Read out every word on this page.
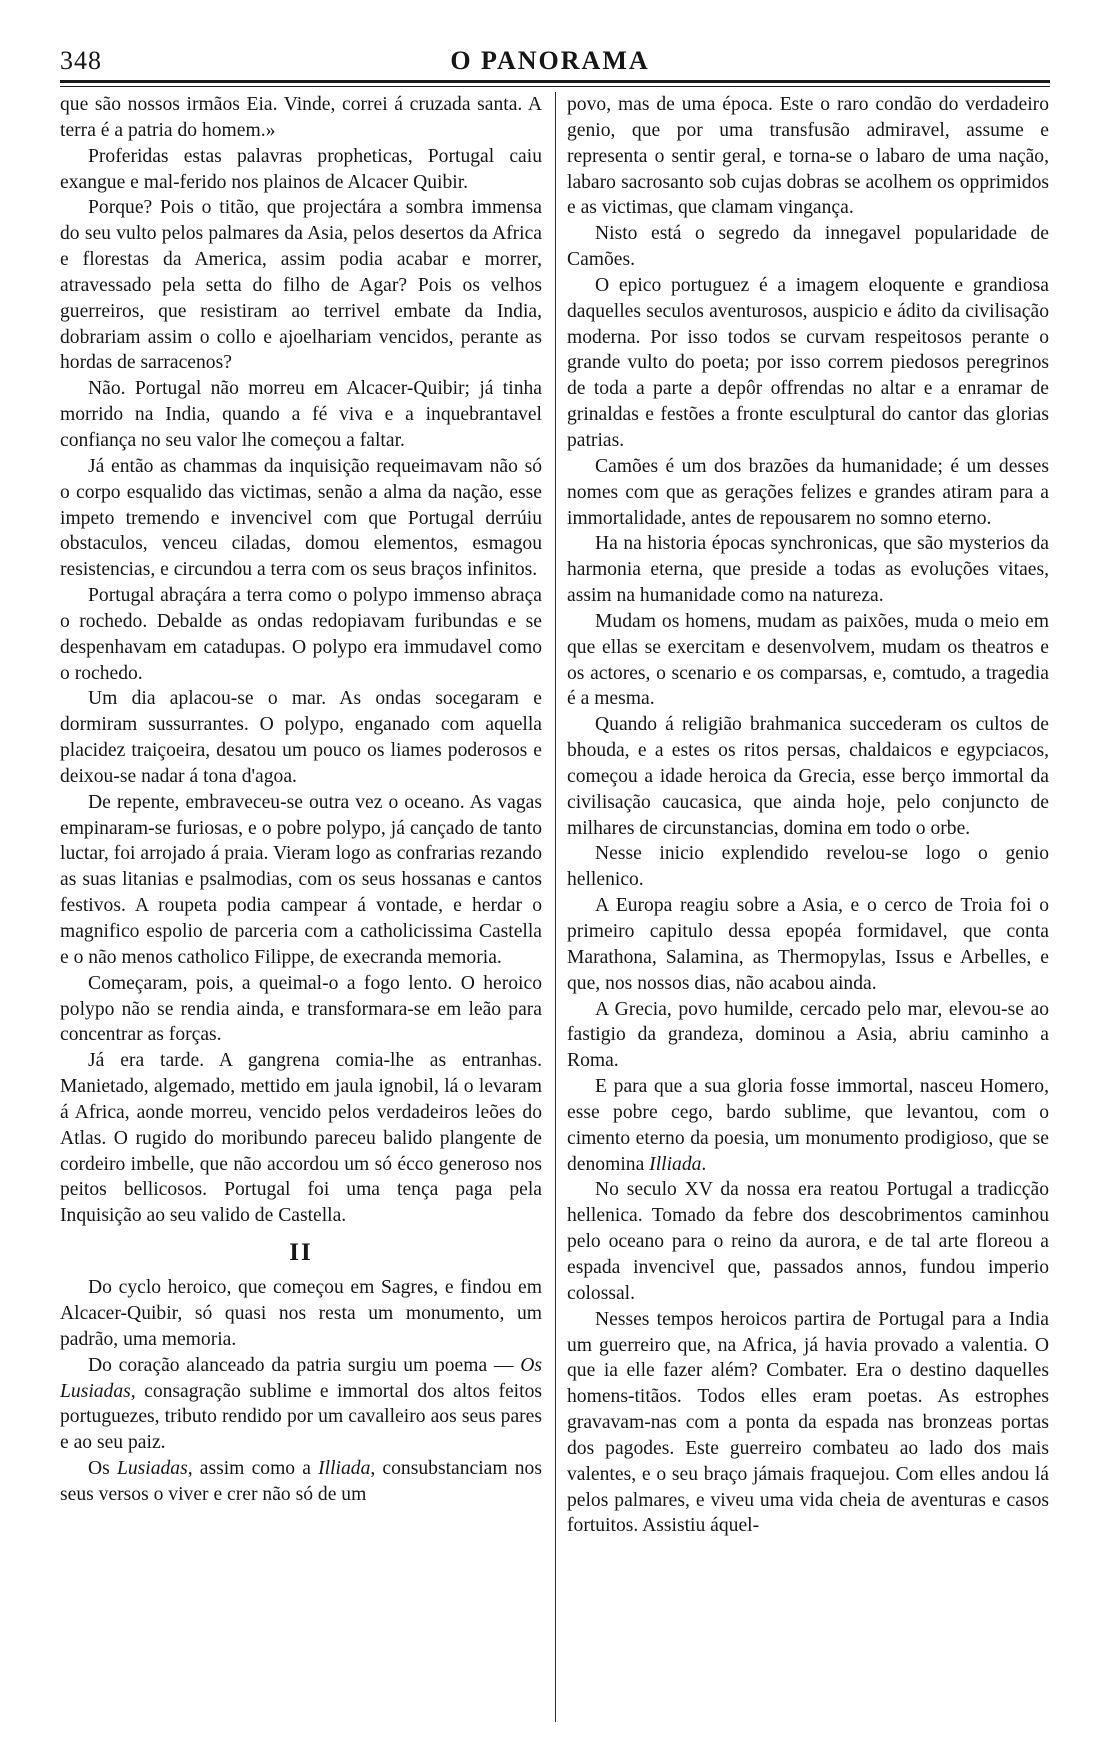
348	O PANORAMA

que são nossos irmãos Eia. Vinde, correi á cruzada santa. A terra é a patria do homem.»

Proferidas estas palavras propheticas, Portugal caiu exangue e mal-ferido nos plainos de Alcacer Quibir.

Porque? Pois o titão, que projectára a sombra immensa do seu vulto pelos palmares da Asia, pelos desertos da Africa e florestas da America, assim podia acabar e morrer, atravessado pela setta do filho de Agar? Pois os velhos guerreiros, que resistiram ao terrivel embate da India, dobrariam assim o collo e ajoelhariam vencidos, perante as hordas de sarracenos?

Não. Portugal não morreu em Alcacer-Quibir; já tinha morrido na India, quando a fé viva e a inquebrantavel confiança no seu valor lhe começou a faltar.

Já então as chammas da inquisição requeimavam não só o corpo esqualido das victimas, senão a alma da nação, esse impeto tremendo e invencivel com que Portugal derrúiu obstaculos, venceu ciladas, domou elementos, esmagou resistencias, e circundou a terra com os seus braços infinitos.

Portugal abraçára a terra como o polypo immenso abraça o rochedo. Debalde as ondas redopiavam furibundas e se despenhavam em catadupas. O polypo era immudavel como o rochedo.

Um dia aplacou-se o mar. As ondas socegaram e dormiram sussurrantes. O polypo, enganado com aquella placidez traiçoeira, desatou um pouco os liames poderosos e deixou-se nadar á tona d'agoa.

De repente, embraveceu-se outra vez o oceano. As vagas empinaram-se furiosas, e o pobre polypo, já cançado de tanto luctar, foi arrojado á praia. Vieram logo as confrarias rezando as suas litanias e psalmodias, com os seus hossanas e cantos festivos. A roupeta podia campear á vontade, e herdar o magnifico espolio de parceria com a catholicissima Castella e o não menos catholico Filippe, de execranda memoria.

Começaram, pois, a queimal-o a fogo lento. O heroico polypo não se rendia ainda, e transformara-se em leão para concentrar as forças.

Já era tarde. A gangrena comia-lhe as entranhas. Manietado, algemado, mettido em jaula ignobil, lá o levaram á Africa, aonde morreu, vencido pelos verdadeiros leões do Atlas. O rugido do moribundo pareceu balido plangente de cordeiro imbelle, que não accordou um só écco generoso nos peitos bellicosos. Portugal foi uma tença paga pela Inquisição ao seu valido de Castella.

II

Do cyclo heroico, que começou em Sagres, e findou em Alcacer-Quibir, só quasi nos resta um monumento, um padrão, uma memoria.

Do coração alanceado da patria surgiu um poema — Os Lusiadas, consagração sublime e immortal dos altos feitos portuguezes, tributo rendido por um cavalleiro aos seus pares e ao seu paiz.

Os Lusiadas, assim como a Illiada, consubstanciam nos seus versos o viver e crer não só de um

povo, mas de uma época. Este o raro condão do verdadeiro genio, que por uma transfusão admiravel, assume e representa o sentir geral, e torna-se o labaro de uma nação, labaro sacrosanto sob cujas dobras se acolhem os opprimidos e as victimas, que clamam vingança.

Nisto está o segredo da innegavel popularidade de Camões.

O epico portuguez é a imagem eloquente e grandiosa daquelles seculos aventurosos, auspicio e ádito da civilisação moderna. Por isso todos se curvam respeitosos perante o grande vulto do poeta; por isso correm piedosos peregrinos de toda a parte a depôr offrendas no altar e a enramar de grinaldas e festões a fronte esculptural do cantor das glorias patrias.

Camões é um dos brazões da humanidade; é um desses nomes com que as gerações felizes e grandes atiram para a immortalidade, antes de repousarem no somno eterno.

Ha na historia épocas synchronicas, que são mysterios da harmonia eterna, que preside a todas as evoluções vitaes, assim na humanidade como na natureza.

Mudam os homens, mudam as paixões, muda o meio em que ellas se exercitam e desenvolvem, mudam os theatros e os actores, o scenario e os comparsas, e, comtudo, a tragedia é a mesma.

Quando á religião brahmanica succederam os cultos de bhouda, e a estes os ritos persas, chaldaicos e egypciacos, começou a idade heroica da Grecia, esse berço immortal da civilisação caucasica, que ainda hoje, pelo conjuncto de milhares de circunstancias, domina em todo o orbe.

Nesse inicio explendido revelou-se logo o genio hellenico.

A Europa reagiu sobre a Asia, e o cerco de Troia foi o primeiro capitulo dessa epopéa formidavel, que conta Marathona, Salamina, as Thermopylas, Issus e Arbelles, e que, nos nossos dias, não acabou ainda.

A Grecia, povo humilde, cercado pelo mar, elevou-se ao fastigio da grandeza, dominou a Asia, abriu caminho a Roma.

E para que a sua gloria fosse immortal, nasceu Homero, esse pobre cego, bardo sublime, que levantou, com o cimento eterno da poesia, um monumento prodigioso, que se denomina Illiada.

No seculo XV da nossa era reatou Portugal a tradicção hellenica. Tomado da febre dos descobrimentos caminhou pelo oceano para o reino da aurora, e de tal arte floreou a espada invencivel que, passados annos, fundou imperio colossal.

Nesses tempos heroicos partira de Portugal para a India um guerreiro que, na Africa, já havia provado a valentia. O que ia elle fazer além? Combater. Era o destino daquelles homens-titãos. Todos elles eram poetas. As estrophes gravavam-nas com a ponta da espada nas bronzeas portas dos pagodes. Este guerreiro combateu ao lado dos mais valentes, e o seu braço jámais fraquejou. Com elles andou lá pelos palmares, e viveu uma vida cheia de aventuras e casos fortuitos. Assistiu áquel-
